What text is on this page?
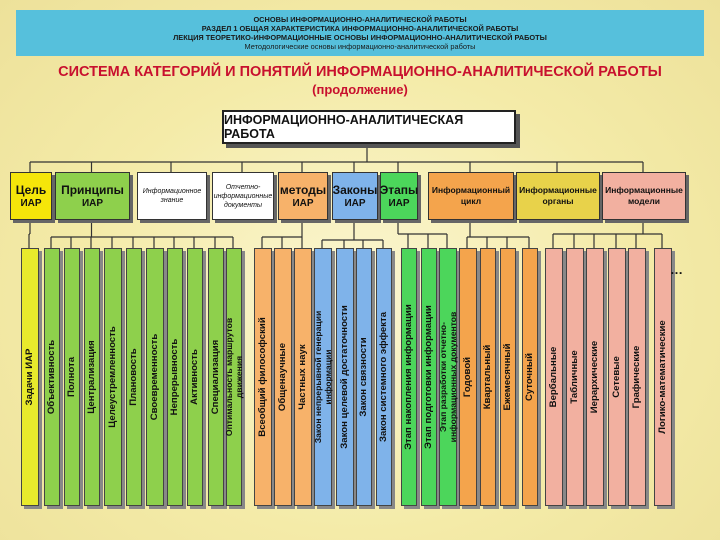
ОСНОВЫ ИНФОРМАЦИОННО-АНАЛИТИЧЕСКОЙ РАБОТЫ
РАЗДЕЛ 1 ОБЩАЯ ХАРАКТЕРИСТИКА ИНФОРМАЦИОННО-АНАЛИТИЧЕСКОЙ РАБОТЫ
ЛЕКЦИЯ ТЕОРЕТИКО-ИНФОРМАЦИОННЫЕ ОСНОВЫ ИНФОРМАЦИОННО-АНАЛИТИЧЕСКОЙ РАБОТЫ
Методологические основы информационно-аналитической работы
СИСТЕМА КАТЕГОРИЙ И ПОНЯТИЙ ИНФОРМАЦИОННО-АНАЛИТИЧЕСКОЙ РАБОТЫ
(продолжение)
ИНФОРМАЦИОННО-АНАЛИТИЧЕСКАЯ РАБОТА
Цель
ИАР
Принципы
ИАР
Информационное знание
Отчетно-информационные документы
методы
ИАР
Законы
ИАР
Этапы
ИАР
Информационный
цикл
Информационные
органы
Информационные
модели
Задачи ИАР Объективность Полнота Централизация Целеустремленность Плановость Своевременность Непрерывность Активность Специализация Оптимальность маршрутов
движения Всеобщий философский Общенаучные Частных наук Закон непрерывной генерации
информации Закон целевой достаточности Закон связности Закон системного эффекта Этап накопления информации Этап подготовки информации Этап разработки отчетно-
информационных документов Годовой Квартальный Ежемесячный Суточный Вербальные Табличные Иерархические Сетевые Графические Логико-математические
…
